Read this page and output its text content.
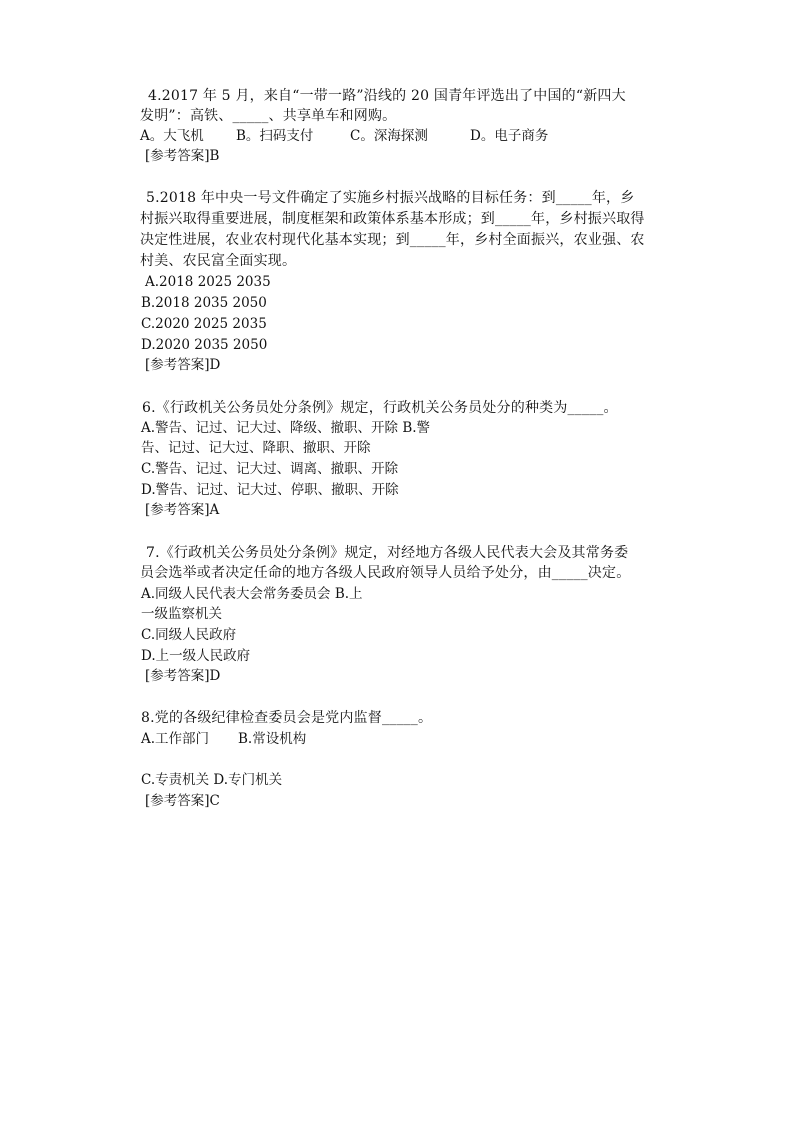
4.2017 年 5 月，来自“一带一路”沿线的 20 国青年评选出了中国的“新四大
发明”：高铁、_____、共享单车和网购。
A。大飞机 B。扫码支付	C。深海探测	D。电子商务
[参考答案]B
5.2018 年中央一号文件确定了实施乡村振兴战略的目标任务：到_____年，乡
村振兴取得重要进展，制度框架和政策体系基本形成；到_____年，乡村振兴取得
决定性进展，农业农村现代化基本实现；到_____年，乡村全面振兴，农业强、农
村美、农民富全面实现。
A.2018 2025 2035
B.2018 2035 2050
C.2020 2025 2035
D.2020 2035 2050
[参考答案]D
6.《行政机关公务员处分条例》规定，行政机关公务员处分的种类为_____。
A.警告、记过、记大过、降级、撤职、开除 B.警
告、记过、记大过、降职、撤职、开除
C.警告、记过、记大过、调离、撤职、开除
D.警告、记过、记大过、停职、撤职、开除
[参考答案]A
7.《行政机关公务员处分条例》规定，对经地方各级人民代表大会及其常务委
员会选举或者决定任命的地方各级人民政府领导人员给予处分，由_____决定。
A.同级人民代表大会常务委员会 B.上
一级监察机关
C.同级人民政府
D.上一级人民政府
[参考答案]D
8.党的各级纪律检查委员会是党内监督_____。
A.工作部门 B.常设机构
C.专责机关 D.专门机关
[参考答案]C
